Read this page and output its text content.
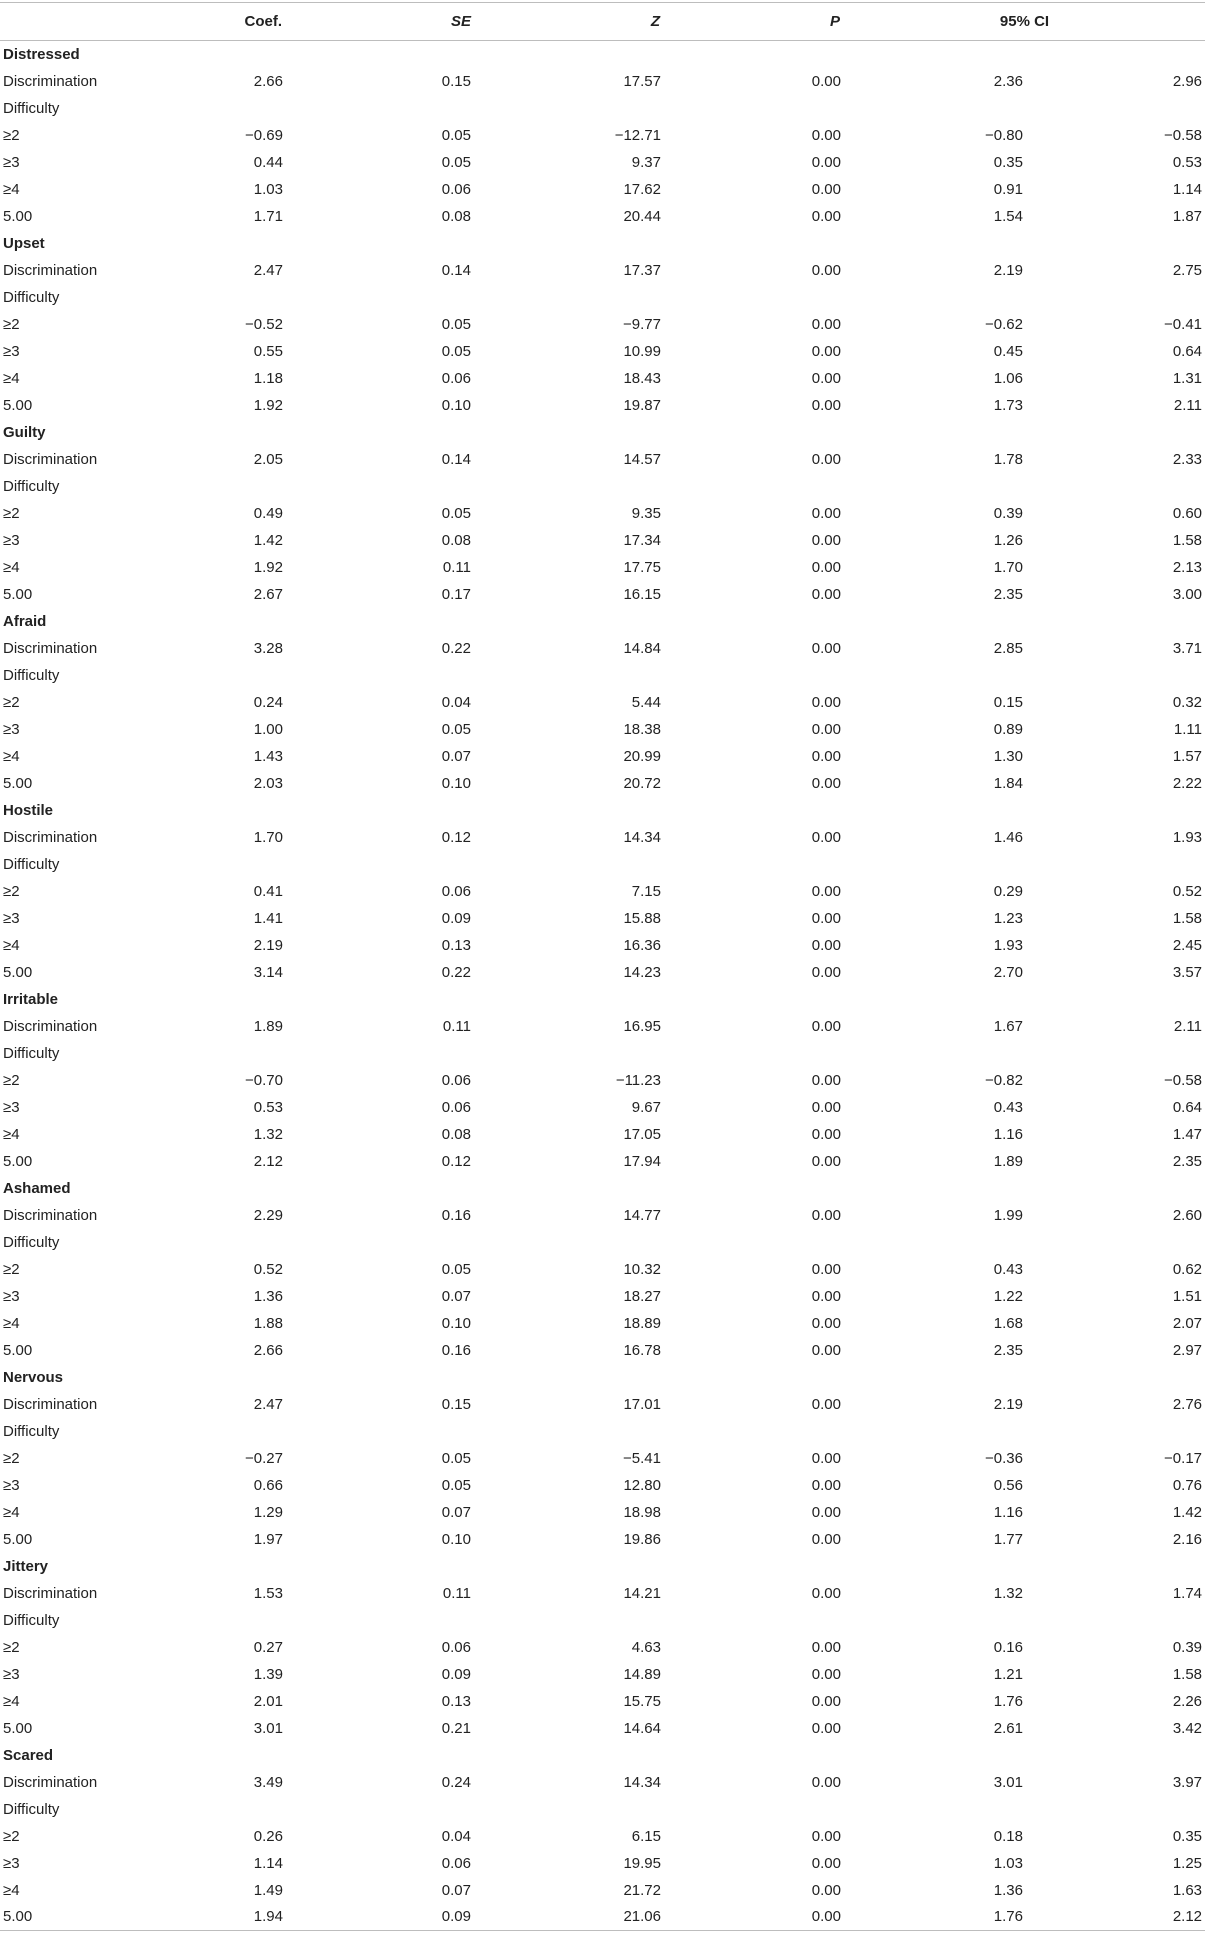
	Coef.	SE	Z	P	95% CI	
Distressed						
Discrimination	2.66	0.15	17.57	0.00	2.36	2.96
Difficulty						
≥2	−0.69	0.05	−12.71	0.00	−0.80	−0.58
≥3	0.44	0.05	9.37	0.00	0.35	0.53
≥4	1.03	0.06	17.62	0.00	0.91	1.14
5.00	1.71	0.08	20.44	0.00	1.54	1.87
Upset						
Discrimination	2.47	0.14	17.37	0.00	2.19	2.75
Difficulty						
≥2	−0.52	0.05	−9.77	0.00	−0.62	−0.41
≥3	0.55	0.05	10.99	0.00	0.45	0.64
≥4	1.18	0.06	18.43	0.00	1.06	1.31
5.00	1.92	0.10	19.87	0.00	1.73	2.11
Guilty						
Discrimination	2.05	0.14	14.57	0.00	1.78	2.33
Difficulty						
≥2	0.49	0.05	9.35	0.00	0.39	0.60
≥3	1.42	0.08	17.34	0.00	1.26	1.58
≥4	1.92	0.11	17.75	0.00	1.70	2.13
5.00	2.67	0.17	16.15	0.00	2.35	3.00
Afraid						
Discrimination	3.28	0.22	14.84	0.00	2.85	3.71
Difficulty						
≥2	0.24	0.04	5.44	0.00	0.15	0.32
≥3	1.00	0.05	18.38	0.00	0.89	1.11
≥4	1.43	0.07	20.99	0.00	1.30	1.57
5.00	2.03	0.10	20.72	0.00	1.84	2.22
Hostile						
Discrimination	1.70	0.12	14.34	0.00	1.46	1.93
Difficulty						
≥2	0.41	0.06	7.15	0.00	0.29	0.52
≥3	1.41	0.09	15.88	0.00	1.23	1.58
≥4	2.19	0.13	16.36	0.00	1.93	2.45
5.00	3.14	0.22	14.23	0.00	2.70	3.57
Irritable						
Discrimination	1.89	0.11	16.95	0.00	1.67	2.11
Difficulty						
≥2	−0.70	0.06	−11.23	0.00	−0.82	−0.58
≥3	0.53	0.06	9.67	0.00	0.43	0.64
≥4	1.32	0.08	17.05	0.00	1.16	1.47
5.00	2.12	0.12	17.94	0.00	1.89	2.35
Ashamed						
Discrimination	2.29	0.16	14.77	0.00	1.99	2.60
Difficulty						
≥2	0.52	0.05	10.32	0.00	0.43	0.62
≥3	1.36	0.07	18.27	0.00	1.22	1.51
≥4	1.88	0.10	18.89	0.00	1.68	2.07
5.00	2.66	0.16	16.78	0.00	2.35	2.97
Nervous						
Discrimination	2.47	0.15	17.01	0.00	2.19	2.76
Difficulty						
≥2	−0.27	0.05	−5.41	0.00	−0.36	−0.17
≥3	0.66	0.05	12.80	0.00	0.56	0.76
≥4	1.29	0.07	18.98	0.00	1.16	1.42
5.00	1.97	0.10	19.86	0.00	1.77	2.16
Jittery						
Discrimination	1.53	0.11	14.21	0.00	1.32	1.74
Difficulty						
≥2	0.27	0.06	4.63	0.00	0.16	0.39
≥3	1.39	0.09	14.89	0.00	1.21	1.58
≥4	2.01	0.13	15.75	0.00	1.76	2.26
5.00	3.01	0.21	14.64	0.00	2.61	3.42
Scared						
Discrimination	3.49	0.24	14.34	0.00	3.01	3.97
Difficulty						
≥2	0.26	0.04	6.15	0.00	0.18	0.35
≥3	1.14	0.06	19.95	0.00	1.03	1.25
≥4	1.49	0.07	21.72	0.00	1.36	1.63
5.00	1.94	0.09	21.06	0.00	1.76	2.12
